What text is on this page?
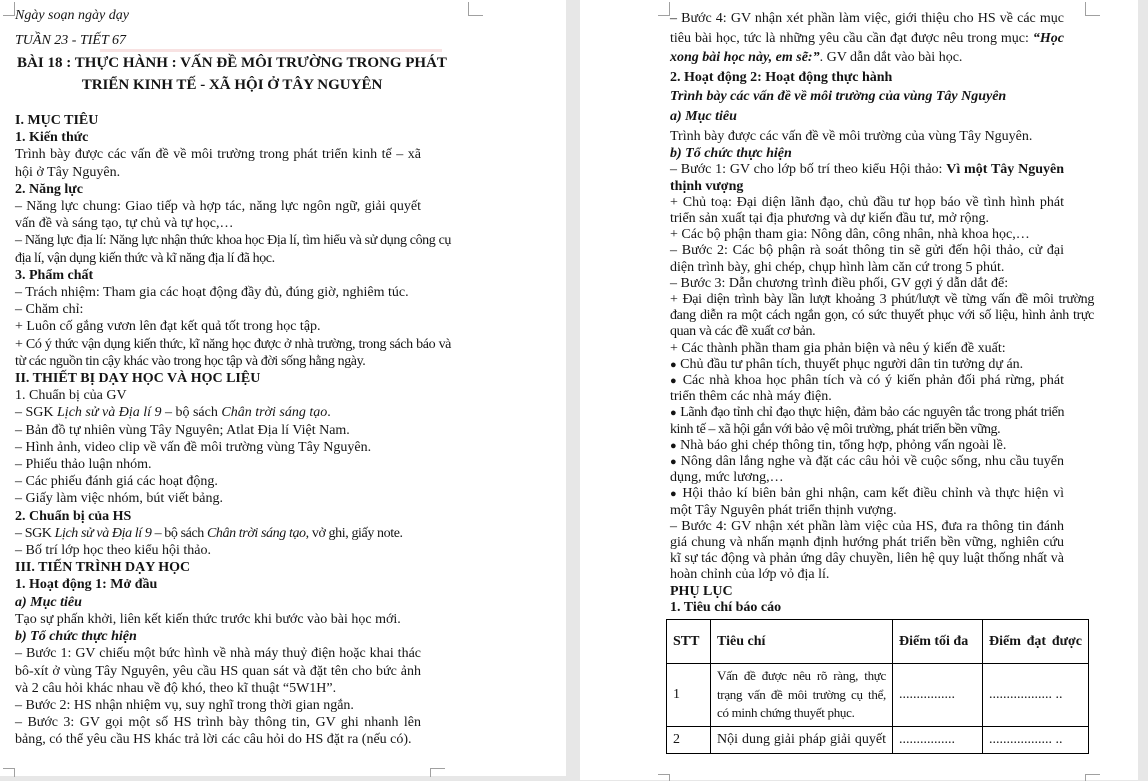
Ngày soạn ngày dạy
TUẦN 23 - TIẾT 67
BÀI 18 : THỰC HÀNH : VẤN ĐỀ MÔI TRƯỜNG TRONG PHÁT TRIỂN KINH TẾ - XÃ HỘI Ở TÂY NGUYÊN
I. MỤC TIÊU
1. Kiến thức
Trình bày được các vấn đề về môi trường trong phát triển kinh tế – xã hội ở Tây Nguyên.
2. Năng lực
– Năng lực chung: Giao tiếp và hợp tác, năng lực ngôn ngữ, giải quyết vấn đề và sáng tạo, tự chủ và tự học,…
– Năng lực địa lí: Năng lực nhận thức khoa học Địa lí, tìm hiểu và sử dụng công cụ địa lí, vận dụng kiến thức và kĩ năng địa lí đã học.
3. Phẩm chất
– Trách nhiệm: Tham gia các hoạt động đầy đủ, đúng giờ, nghiêm túc.
– Chăm chỉ:
+ Luôn cố gắng vươn lên đạt kết quả tốt trong học tập.
+ Có ý thức vận dụng kiến thức, kĩ năng học được ở nhà trường, trong sách báo và từ các nguồn tin cậy khác vào trong học tập và đời sống hằng ngày.
II. THIẾT BỊ DẠY HỌC VÀ HỌC LIỆU
1. Chuẩn bị của GV
– SGK Lịch sử và Địa lí 9 – bộ sách Chân trời sáng tạo.
– Bản đồ tự nhiên vùng Tây Nguyên; Atlat Địa lí Việt Nam.
– Hình ảnh, video clip về vấn đề môi trường vùng Tây Nguyên.
– Phiếu thảo luận nhóm.
– Các phiếu đánh giá các hoạt động.
– Giấy làm việc nhóm, bút viết bảng.
2. Chuẩn bị của HS
– SGK Lịch sử và Địa lí 9 – bộ sách Chân trời sáng tạo, vở ghi, giấy note.
– Bố trí lớp học theo kiểu hội thảo.
III. TIẾN TRÌNH DẠY HỌC
1. Hoạt động 1: Mở đầu
a) Mục tiêu
Tạo sự phấn khởi, liên kết kiến thức trước khi bước vào bài học mới.
b) Tổ chức thực hiện
– Bước 1: GV chiếu một bức hình về nhà máy thuỷ điện hoặc khai thác bô-xít ở vùng Tây Nguyên, yêu cầu HS quan sát và đặt tên cho bức ảnh và 2 câu hỏi khác nhau về độ khó, theo kĩ thuật “5W1H”.
– Bước 2: HS nhận nhiệm vụ, suy nghĩ trong thời gian ngắn.
– Bước 3: GV gọi một số HS trình bày thông tin, GV ghi nhanh lên bảng, có thể yêu cầu HS khác trả lời các câu hỏi do HS đặt ra (nếu có).
– Bước 4: GV nhận xét phần làm việc, giới thiệu cho HS về các mục tiêu bài học, tức là những yêu cầu cần đạt được nêu trong mục: “Học xong bài học này, em sẽ:”. GV dẫn dắt vào bài học.
2. Hoạt động 2: Hoạt động thực hành
Trình bày các vấn đề về môi trường của vùng Tây Nguyên
a) Mục tiêu
Trình bày được các vấn đề về môi trường của vùng Tây Nguyên.
b) Tổ chức thực hiện
– Bước 1: GV cho lớp bố trí theo kiểu Hội thảo: Vì một Tây Nguyên thịnh vượng
+ Chủ toạ: Đại diện lãnh đạo, chủ đầu tư họp báo về tình hình phát triển sản xuất tại địa phương và dự kiến đầu tư, mở rộng.
+ Các bộ phận tham gia: Nông dân, công nhân, nhà khoa học,…
– Bước 2: Các bộ phận rà soát thông tin sẽ gửi đến hội thảo, cử đại diện trình bày, ghi chép, chụp hình làm căn cứ trong 5 phút.
– Bước 3: Dẫn chương trình điều phối, GV gợi ý dẫn dắt để:
+ Đại diện trình bày lần lượt khoảng 3 phút/lượt về từng vấn đề môi trường đang diễn ra một cách ngắn gọn, có sức thuyết phục với số liệu, hình ảnh trực quan và các đề xuất cơ bản.
+ Các thành phần tham gia phản biện và nêu ý kiến đề xuất:
● Chủ đầu tư phân tích, thuyết phục người dân tin tưởng dự án.
● Các nhà khoa học phân tích và có ý kiến phản đối phá rừng, phát triển thêm các nhà máy điện.
● Lãnh đạo tỉnh chỉ đạo thực hiện, đảm bảo các nguyên tắc trong phát triển kinh tế – xã hội gắn với bảo vệ môi trường, phát triển bền vững.
● Nhà báo ghi chép thông tin, tổng hợp, phỏng vấn ngoài lề.
● Nông dân lắng nghe và đặt các câu hỏi về cuộc sống, nhu cầu tuyển dụng, mức lương,…
● Hội thảo kí biên bản ghi nhận, cam kết điều chỉnh và thực hiện vì một Tây Nguyên phát triển thịnh vượng.
– Bước 4: GV nhận xét phần làm việc của HS, đưa ra thông tin đánh giá chung và nhấn mạnh định hướng phát triển bền vững, nghiên cứu kĩ sự tác động và phản ứng dây chuyền, liên hệ quy luật thống nhất và hoàn chỉnh của lớp vỏ địa lí.
PHỤ LỤC
1. Tiêu chí báo cáo
STT	Tiêu chí	Điểm tối đa	Điểm đạt được
1	Vấn đề được nêu rõ ràng, thực trạng vấn đề môi trường cụ thể, có minh chứng thuyết phục.	................	.................. ..
2	Nội dung giải pháp giải quyết	................	.................. ..
